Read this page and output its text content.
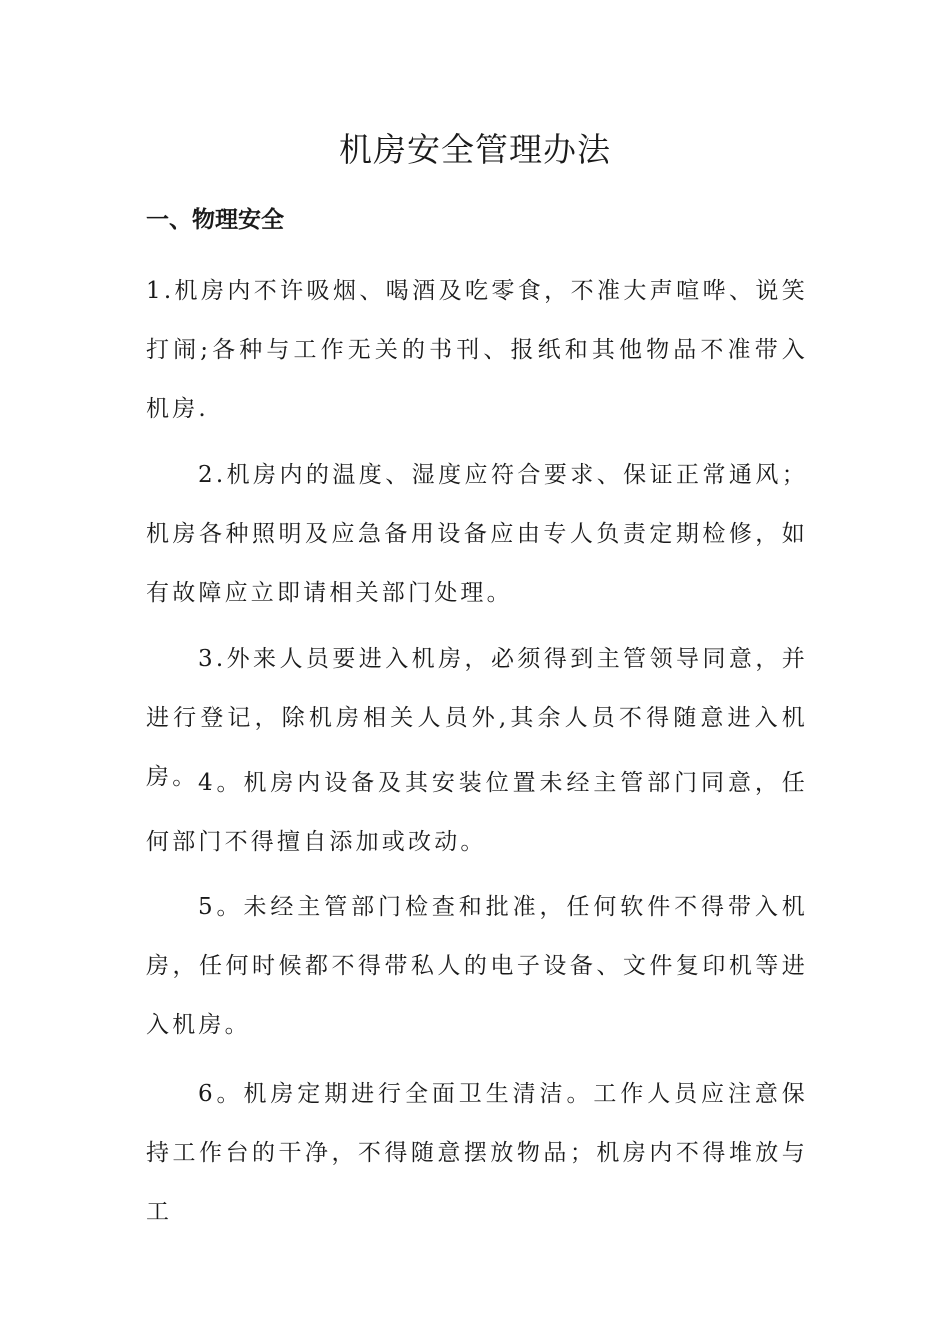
机房安全管理办法
一、物理安全

1.机房内不许吸烟、喝酒及吃零食，不准大声喧哗、说笑打闹;各种与工作无关的书刊、报纸和其他物品不准带入机房.

2.机房内的温度、湿度应符合要求、保证正常通风；机房各种照明及应急备用设备应由专人负责定期检修，如有故障应立即请相关部门处理。

3.外来人员要进入机房，必须得到主管领导同意，并进行登记，除机房相关人员外,其余人员不得随意进入机房。 4。机房内设备及其安装位置未经主管部门同意，任何部门不得擅自添加或改动。

5。未经主管部门检查和批准，任何软件不得带入机房，任何时候都不得带私人的电子设备、文件复印机等进入机房。

6。机房定期进行全面卫生清洁。工作人员应注意保持工作台的干净，不得随意摆放物品；机房内不得堆放与工
